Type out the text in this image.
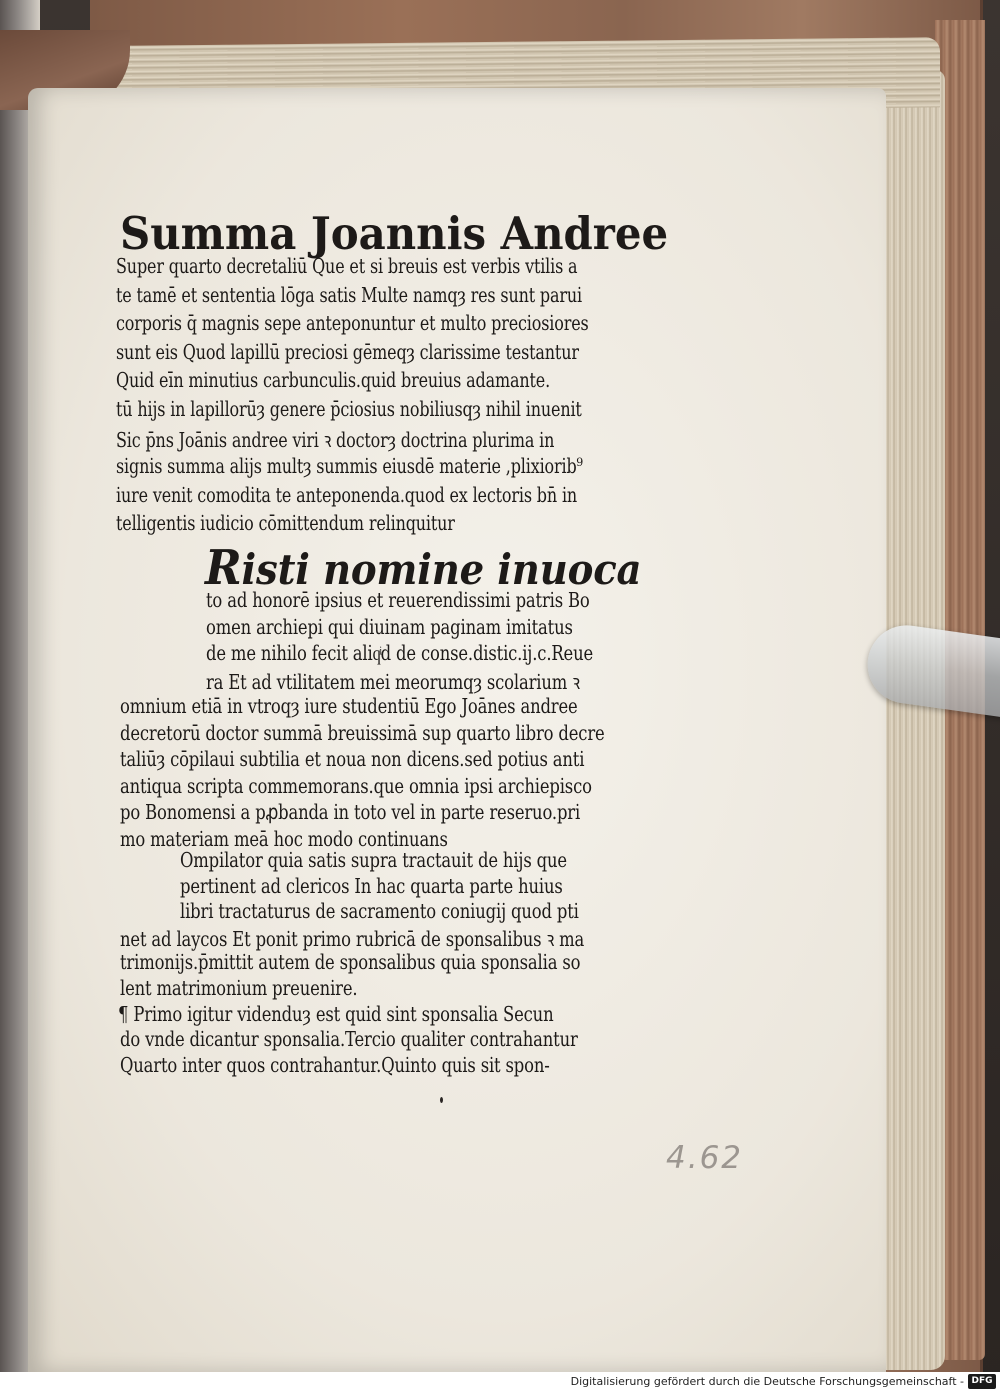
Summa Joannis Andree
Super quarto decretaliū Que et si breuis est verbis vtilis a
te tamē et sententia lōga satis Multe namqȝ res sunt parui
corporis q̄ magnis sepe anteponuntur et multo preciosiores
sunt eis Quod lapillū preciosi gēmeqȝ clarissime testantur
Quid eīn minutius carbunculis.quid breuius adamante.
tū hijs in lapillorūȝ genere p̄ciosius nobiliusqȝ nihil inuenit
Sic p̄ns Joānis andree viri ꝛ doctorȝ doctrina plurima in
signis summa alijs multȝ summis eiusdē materie ,plixiorib⁹
iure venit comodita te anteponenda.quod ex lectoris bn̄ in
telligentis iudicio cōmittendum relinquitur
Risti nomine inuoca
to ad honorē ipsius et reuerendissimi patris Bo
omen archiepi qui diuinam paginam imitatus
de me nihilo fecit aliqͥd de conse.distic.ij.c.Reue
ra Et ad vtilitatem mei meorumqȝ scolarium ꝛ
omnium etiā in vtroqȝ iure studentiū Ego Joānes andree
decretorū doctor summā breuissimā sup quarto libro decre
taliūȝ cōpilaui subtilia et noua non dicens.sed potius anti
antiqua scripta commemorans.que omnia ipsi archiepisco
po Bonomensi a pꝓbanda in toto vel in parte reseruo.pri
mo materiam meā hoc modo continuans
Ompilator quia satis supra tractauit de hijs que
pertinent ad clericos In hac quarta parte huius
libri tractaturus de sacramento coniugij quod pti
net ad laycos Et ponit primo rubricā de sponsalibus ꝛ ma
trimonijs.p̄mittit autem de sponsalibus quia sponsalia so
lent matrimonium preuenire.
¶ Primo igitur videnduȝ est quid sint sponsalia Secun
do vnde dicantur sponsalia.Tercio qualiter contrahantur
Quarto inter quos contrahantur.Quinto quis sit spon-
4.62
Digitalisierung gefördert durch die Deutsche Forschungsgemeinschaft - DFG
